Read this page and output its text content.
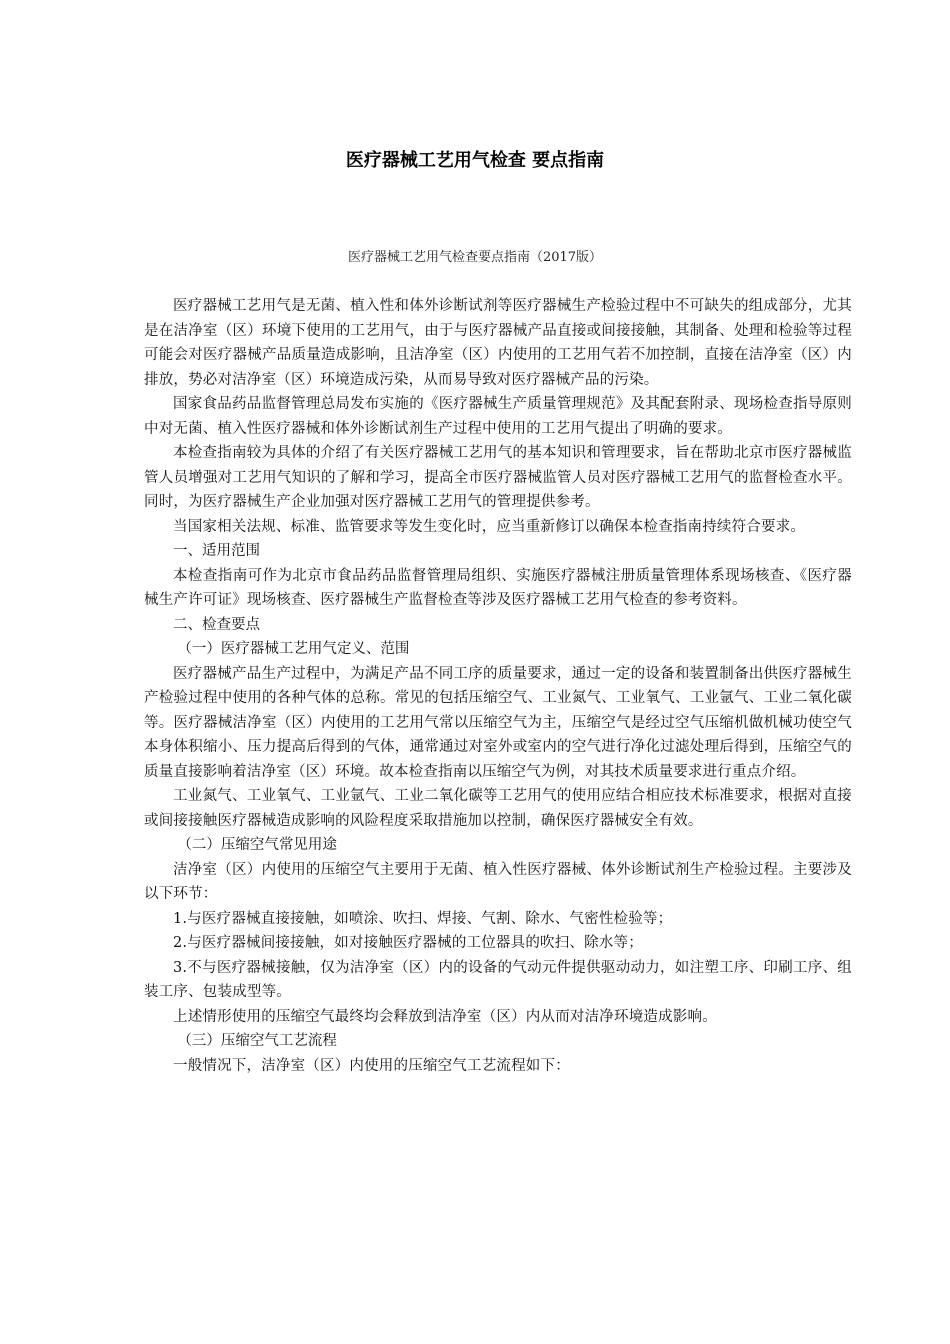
医疗器械工艺用气检查 要点指南
医疗器械工艺用气检查要点指南（2017版）

医疗器械工艺用气是无菌、植入性和体外诊断试剂等医疗器械生产检验过程中不可缺失的组成部分，尤其是在洁净室（区）环境下使用的工艺用气，由于与医疗器械产品直接或间接接触，其制备、处理和检验等过程可能会对医疗器械产品质量造成影响，且洁净室（区）内使用的工艺用气若不加控制，直接在洁净室（区）内排放，势必对洁净室（区）环境造成污染，从而易导致对医疗器械产品的污染。

国家食品药品监督管理总局发布实施的《医疗器械生产质量管理规范》及其配套附录、现场检查指导原则中对无菌、植入性医疗器械和体外诊断试剂生产过程中使用的工艺用气提出了明确的要求。

本检查指南较为具体的介绍了有关医疗器械工艺用气的基本知识和管理要求，旨在帮助北京市医疗器械监管人员增强对工艺用气知识的了解和学习，提高全市医疗器械监管人员对医疗器械工艺用气的监督检查水平。同时，为医疗器械生产企业加强对医疗器械工艺用气的管理提供参考。

当国家相关法规、标准、监管要求等发生变化时，应当重新修订以确保本检查指南持续符合要求。

一、适用范围

本检查指南可作为北京市食品药品监督管理局组织、实施医疗器械注册质量管理体系现场核查、《医疗器械生产许可证》现场核查、医疗器械生产监督检查等涉及医疗器械工艺用气检查的参考资料。

二、检查要点

（一）医疗器械工艺用气定义、范围

医疗器械产品生产过程中，为满足产品不同工序的质量要求，通过一定的设备和装置制备出供医疗器械生产检验过程中使用的各种气体的总称。常见的包括压缩空气、工业氮气、工业氧气、工业氩气、工业二氧化碳等。医疗器械洁净室（区）内使用的工艺用气常以压缩空气为主，压缩空气是经过空气压缩机做机械功使空气本身体积缩小、压力提高后得到的气体，通常通过对室外或室内的空气进行净化过滤处理后得到，压缩空气的质量直接影响着洁净室（区）环境。故本检查指南以压缩空气为例，对其技术质量要求进行重点介绍。

工业氮气、工业氧气、工业氩气、工业二氧化碳等工艺用气的使用应结合相应技术标准要求，根据对直接或间接接触医疗器械造成影响的风险程度采取措施加以控制，确保医疗器械安全有效。

（二）压缩空气常见用途

洁净室（区）内使用的压缩空气主要用于无菌、植入性医疗器械、体外诊断试剂生产检验过程。主要涉及以下环节：

1.与医疗器械直接接触，如喷涂、吹扫、焊接、气割、除水、气密性检验等；

2.与医疗器械间接接触，如对接触医疗器械的工位器具的吹扫、除水等；

3.不与医疗器械接触，仅为洁净室（区）内的设备的气动元件提供驱动动力，如注塑工序、印刷工序、组装工序、包装成型等。

上述情形使用的压缩空气最终均会释放到洁净室（区）内从而对洁净环境造成影响。

（三）压缩空气工艺流程

一般情况下，洁净室（区）内使用的压缩空气工艺流程如下：
